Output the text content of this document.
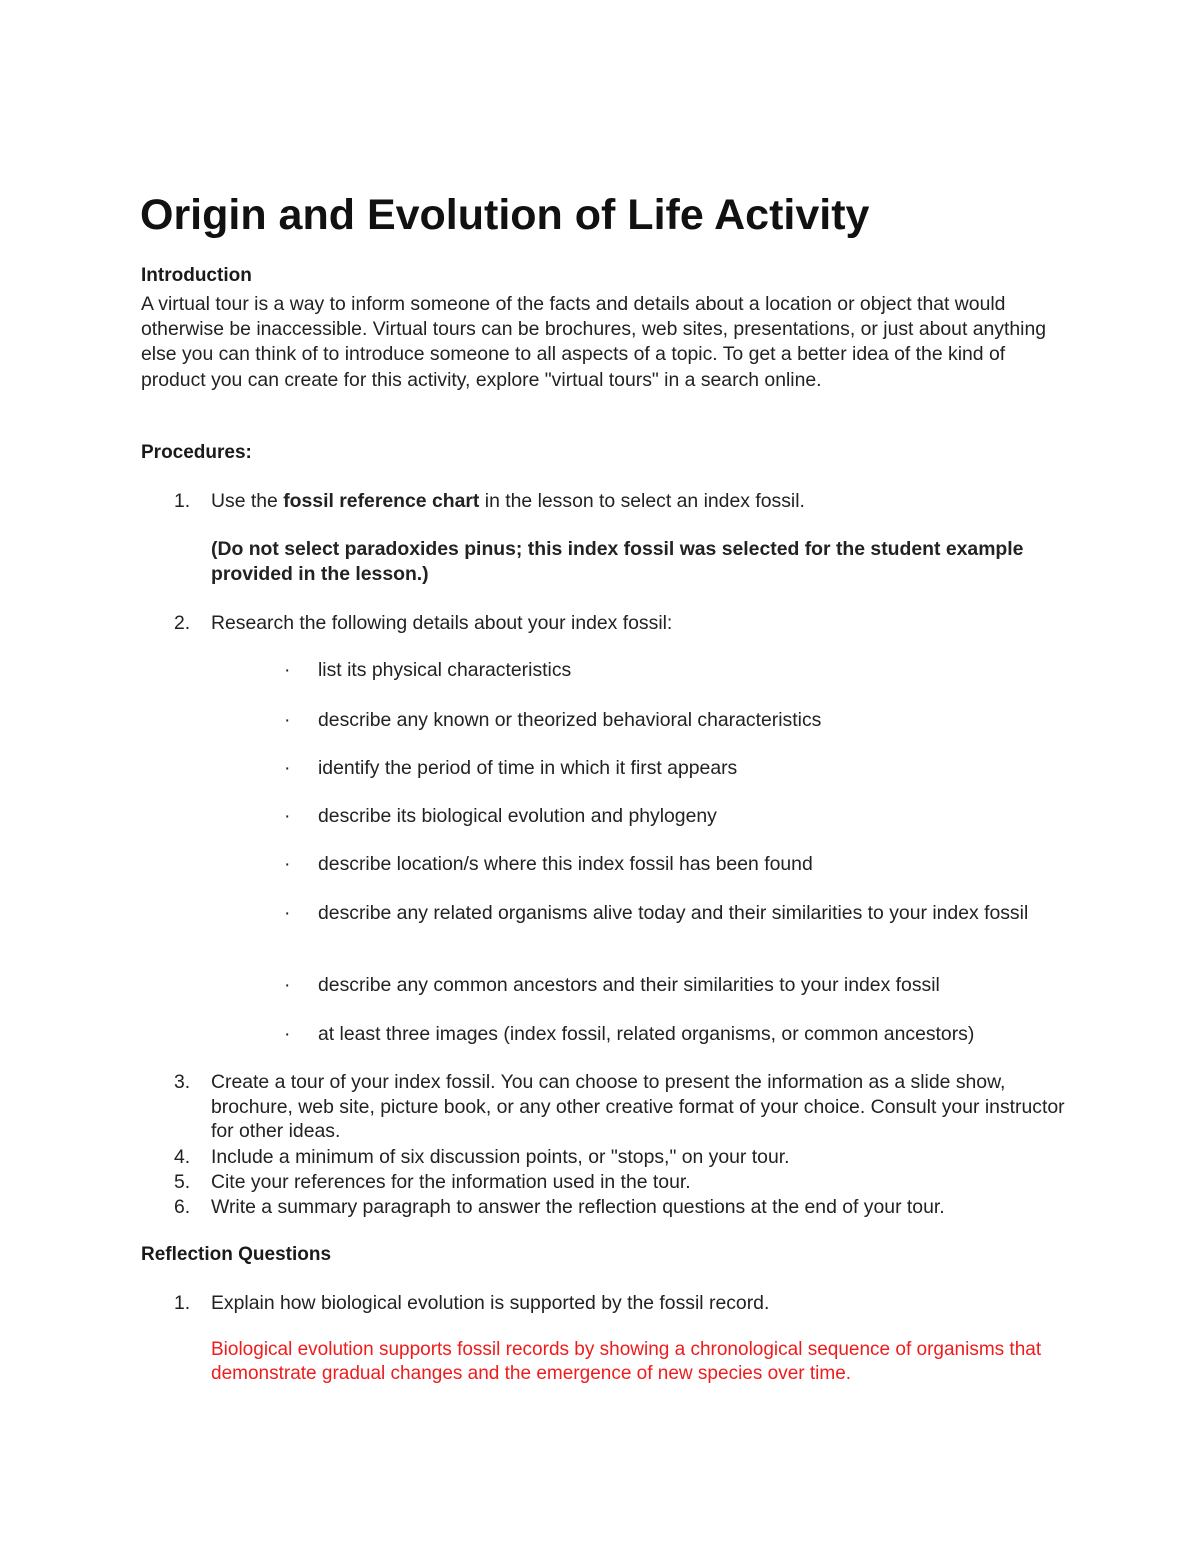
Origin and Evolution of Life Activity
Introduction

A virtual tour is a way to inform someone of the facts and details about a location or object that would otherwise be inaccessible. Virtual tours can be brochures, web sites, presentations, or just about anything else you can think of to introduce someone to all aspects of a topic. To get a better idea of the kind of product you can create for this activity, explore "virtual tours" in a search online.

Procedures:
1.	Use the fossil reference chart in the lesson to select an index fossil.
(Do not select paradoxides pinus; this index fossil was selected for the student example provided in the lesson.)
2.	Research the following details about your index fossil:
· list its physical characteristics
· describe any known or theorized behavioral characteristics
· identify the period of time in which it first appears
· describe its biological evolution and phylogeny
· describe location/s where this index fossil has been found
· describe any related organisms alive today and their similarities to your index fossil
· describe any common ancestors and their similarities to your index fossil
· at least three images (index fossil, related organisms, or common ancestors)
3.	Create a tour of your index fossil. You can choose to present the information as a slide show, brochure, web site, picture book, or any other creative format of your choice. Consult your instructor for other ideas.
4.	Include a minimum of six discussion points, or "stops," on your tour.
5.	Cite your references for the information used in the tour.
6.	Write a summary paragraph to answer the reflection questions at the end of your tour.
Reflection Questions
1.	Explain how biological evolution is supported by the fossil record.
Biological evolution supports fossil records by showing a chronological sequence of organisms that demonstrate gradual changes and the emergence of new species over time.
